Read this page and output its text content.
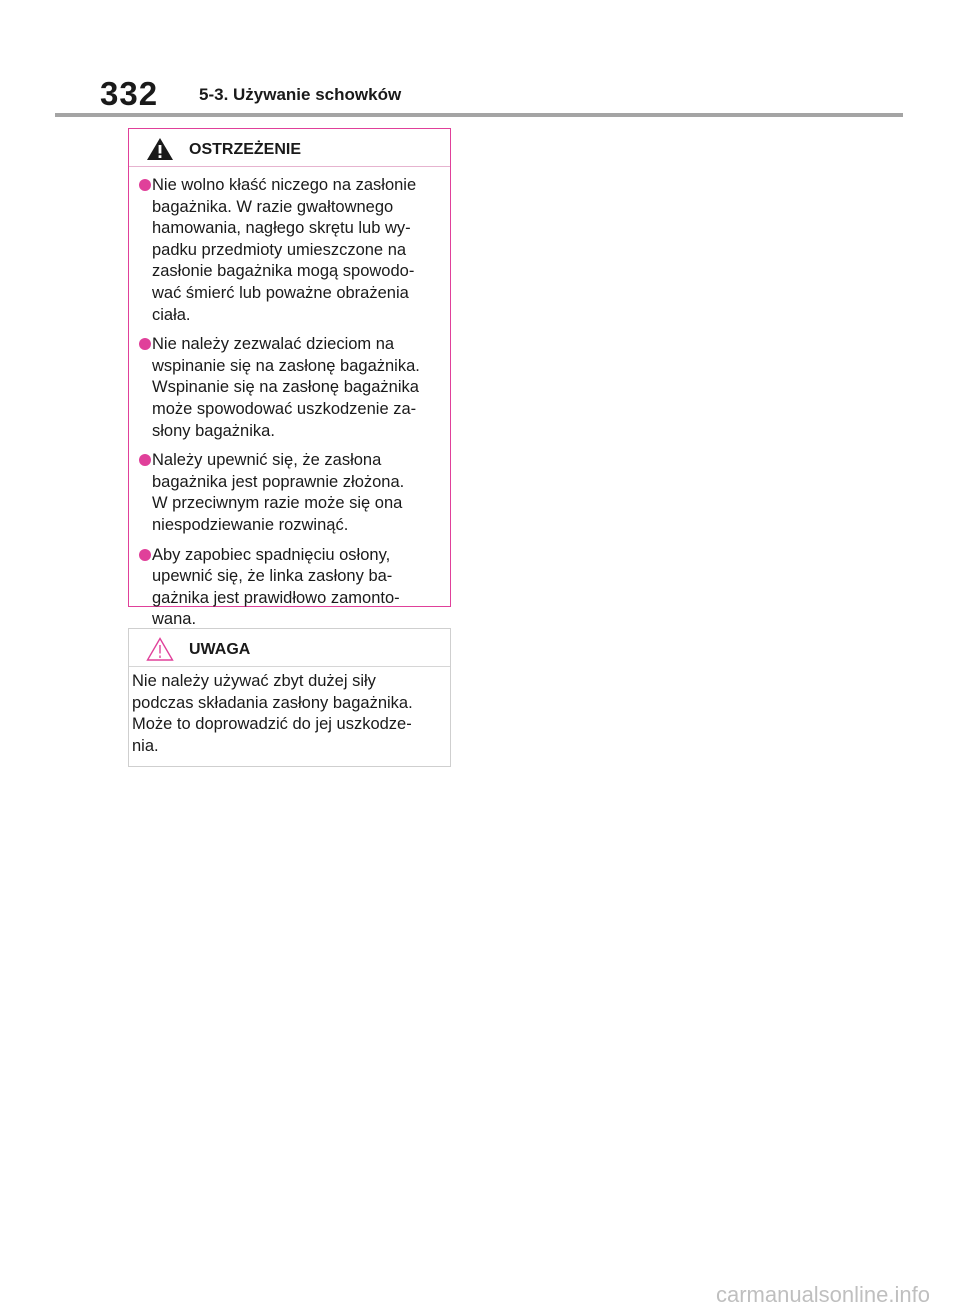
332 5-3. Używanie schowków
OSTRZEŻENIE
Nie wolno kłaść niczego na zasłonie
bagażnika. W razie gwałtownego
hamowania, nagłego skrętu lub wy-
padku przedmioty umieszczone na
zasłonie bagażnika mogą spowodo-
wać śmierć lub poważne obrażenia
ciała.
Nie należy zezwalać dzieciom na
wspinanie się na zasłonę bagażnika.
Wspinanie się na zasłonę bagażnika
może spowodować uszkodzenie za-
słony bagażnika.
Należy upewnić się, że zasłona
bagażnika jest poprawnie złożona.
W przeciwnym razie może się ona
niespodziewanie rozwinąć.
Aby zapobiec spadnięciu osłony,
upewnić się, że linka zasłony ba-
gażnika jest prawidłowo zamonto-
wana.
UWAGA
Nie należy używać zbyt dużej siły
podczas składania zasłony bagażnika.
Może to doprowadzić do jej uszkodze-
nia.
carmanualsonline.info
